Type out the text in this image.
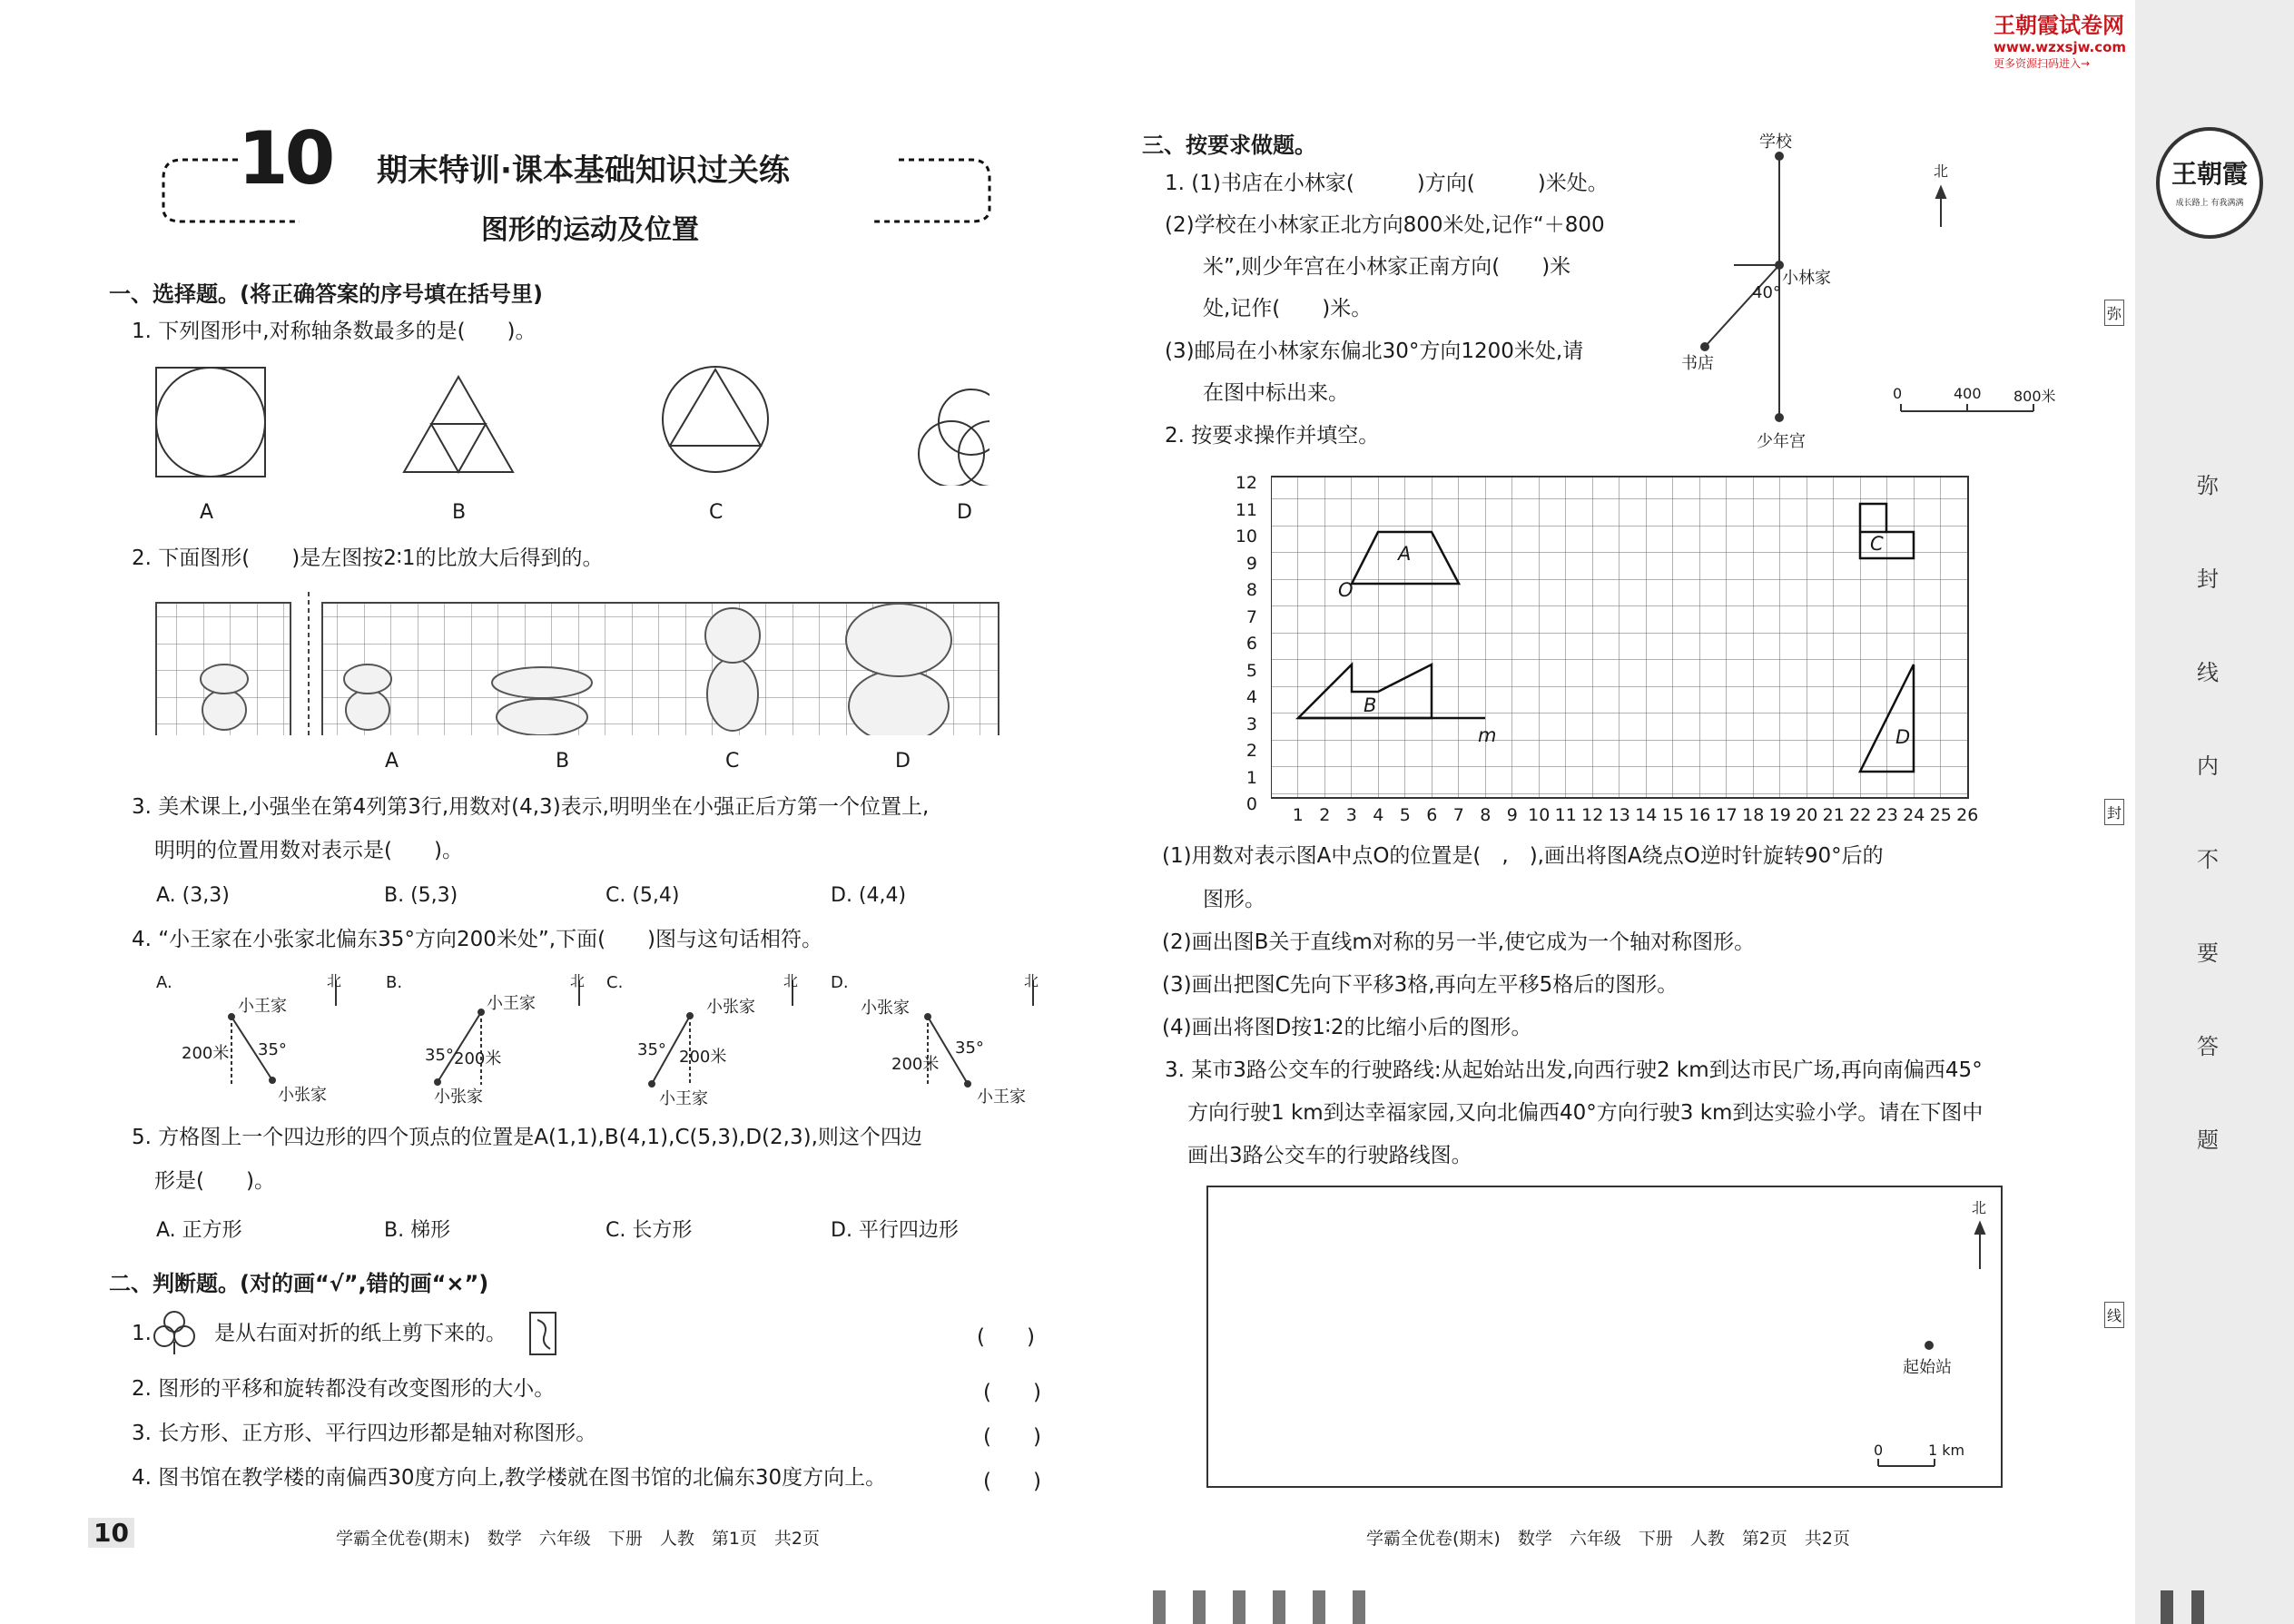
王朝霞试卷网
www.wzxsjw.com
更多资源扫码进入→
王朝霞
成长路上 有我满满
弥
封
线
内
不
要
答
题
弥
封
线
10 期末特训·课本基础知识过关练
图形的运动及位置
一、选择题。(将正确答案的序号填在括号里)
1. 下列图形中,对称轴条数最多的是(　　)。
A	B	C	D
2. 下面图形(　　)是左图按2∶1的比放大后得到的。
A	B	C	D
3. 美术课上,小强坐在第4列第3行,用数对(4,3)表示,明明坐在小强正后方第一个位置上,
明明的位置用数对表示是(　　)。
A. (3,3)	B. (5,3)	C. (5,4)	D. (4,4)
4. “小王家在小张家北偏东35°方向200米处”,下面(　　)图与这句话相符。
A.	B.	C.	D.
北	北	北	北
小王家
200米 35°
小张家
小王家
35° 200米
小张家
小张家
35° 200米
小王家
小张家
200米
35°
小王家
5. 方格图上一个四边形的四个顶点的位置是A(1,1),B(4,1),C(5,3),D(2,3),则这个四边
形是(　　)。
A. 正方形	B. 梯形	C. 长方形	D. 平行四边形
二、判断题。(对的画“√”,错的画“×”)
1.　　　是从右面对折的纸上剪下来的。	(　　)
2. 图形的平移和旋转都没有改变图形的大小。	(　　)
3. 长方形、正方形、平行四边形都是轴对称图形。	(　　)
4. 图书馆在教学楼的南偏西30度方向上,教学楼就在图书馆的北偏东30度方向上。	(　　)
10	学霸全优卷(期末)　数学　六年级　下册　人教　第1页　共2页	学霸全优卷(期末)　数学　六年级　下册　人教　第2页　共2页
三、按要求做题。
1. (1)书店在小林家(　　　)方向(　　　)米处。
(2)学校在小林家正北方向800米处,记作“＋800
米”,则少年宫在小林家正南方向(　　)米
处,记作(　　)米。
(3)邮局在小林家东偏北30°方向1200米处,请
在图中标出来。
学校
小林家
40°
书店
少年宫
北
0	400 800米
2. 按要求操作并填空。
12
11
10
9
8
7
6
5
4
3
2
1
0
1 2 3 4 5 6 7 8 9 10 11 12 13 14 15 16 17 18 19 20 21 22 23 24 25 26
A
O
B
m
C
D
(1)用数对表示图A中点O的位置是(　,　),画出将图A绕点O逆时针旋转90°后的
图形。
(2)画出图B关于直线m对称的另一半,使它成为一个轴对称图形。
(3)画出把图C先向下平移3格,再向左平移5格后的图形。
(4)画出将图D按1∶2的比缩小后的图形。
3. 某市3路公交车的行驶路线:从起始站出发,向西行驶2 km到达市民广场,再向南偏西45°
方向行驶1 km到达幸福家园,又向北偏西40°方向行驶3 km到达实验小学。请在下图中
画出3路公交车的行驶路线图。
北
起始站
0	1 km
